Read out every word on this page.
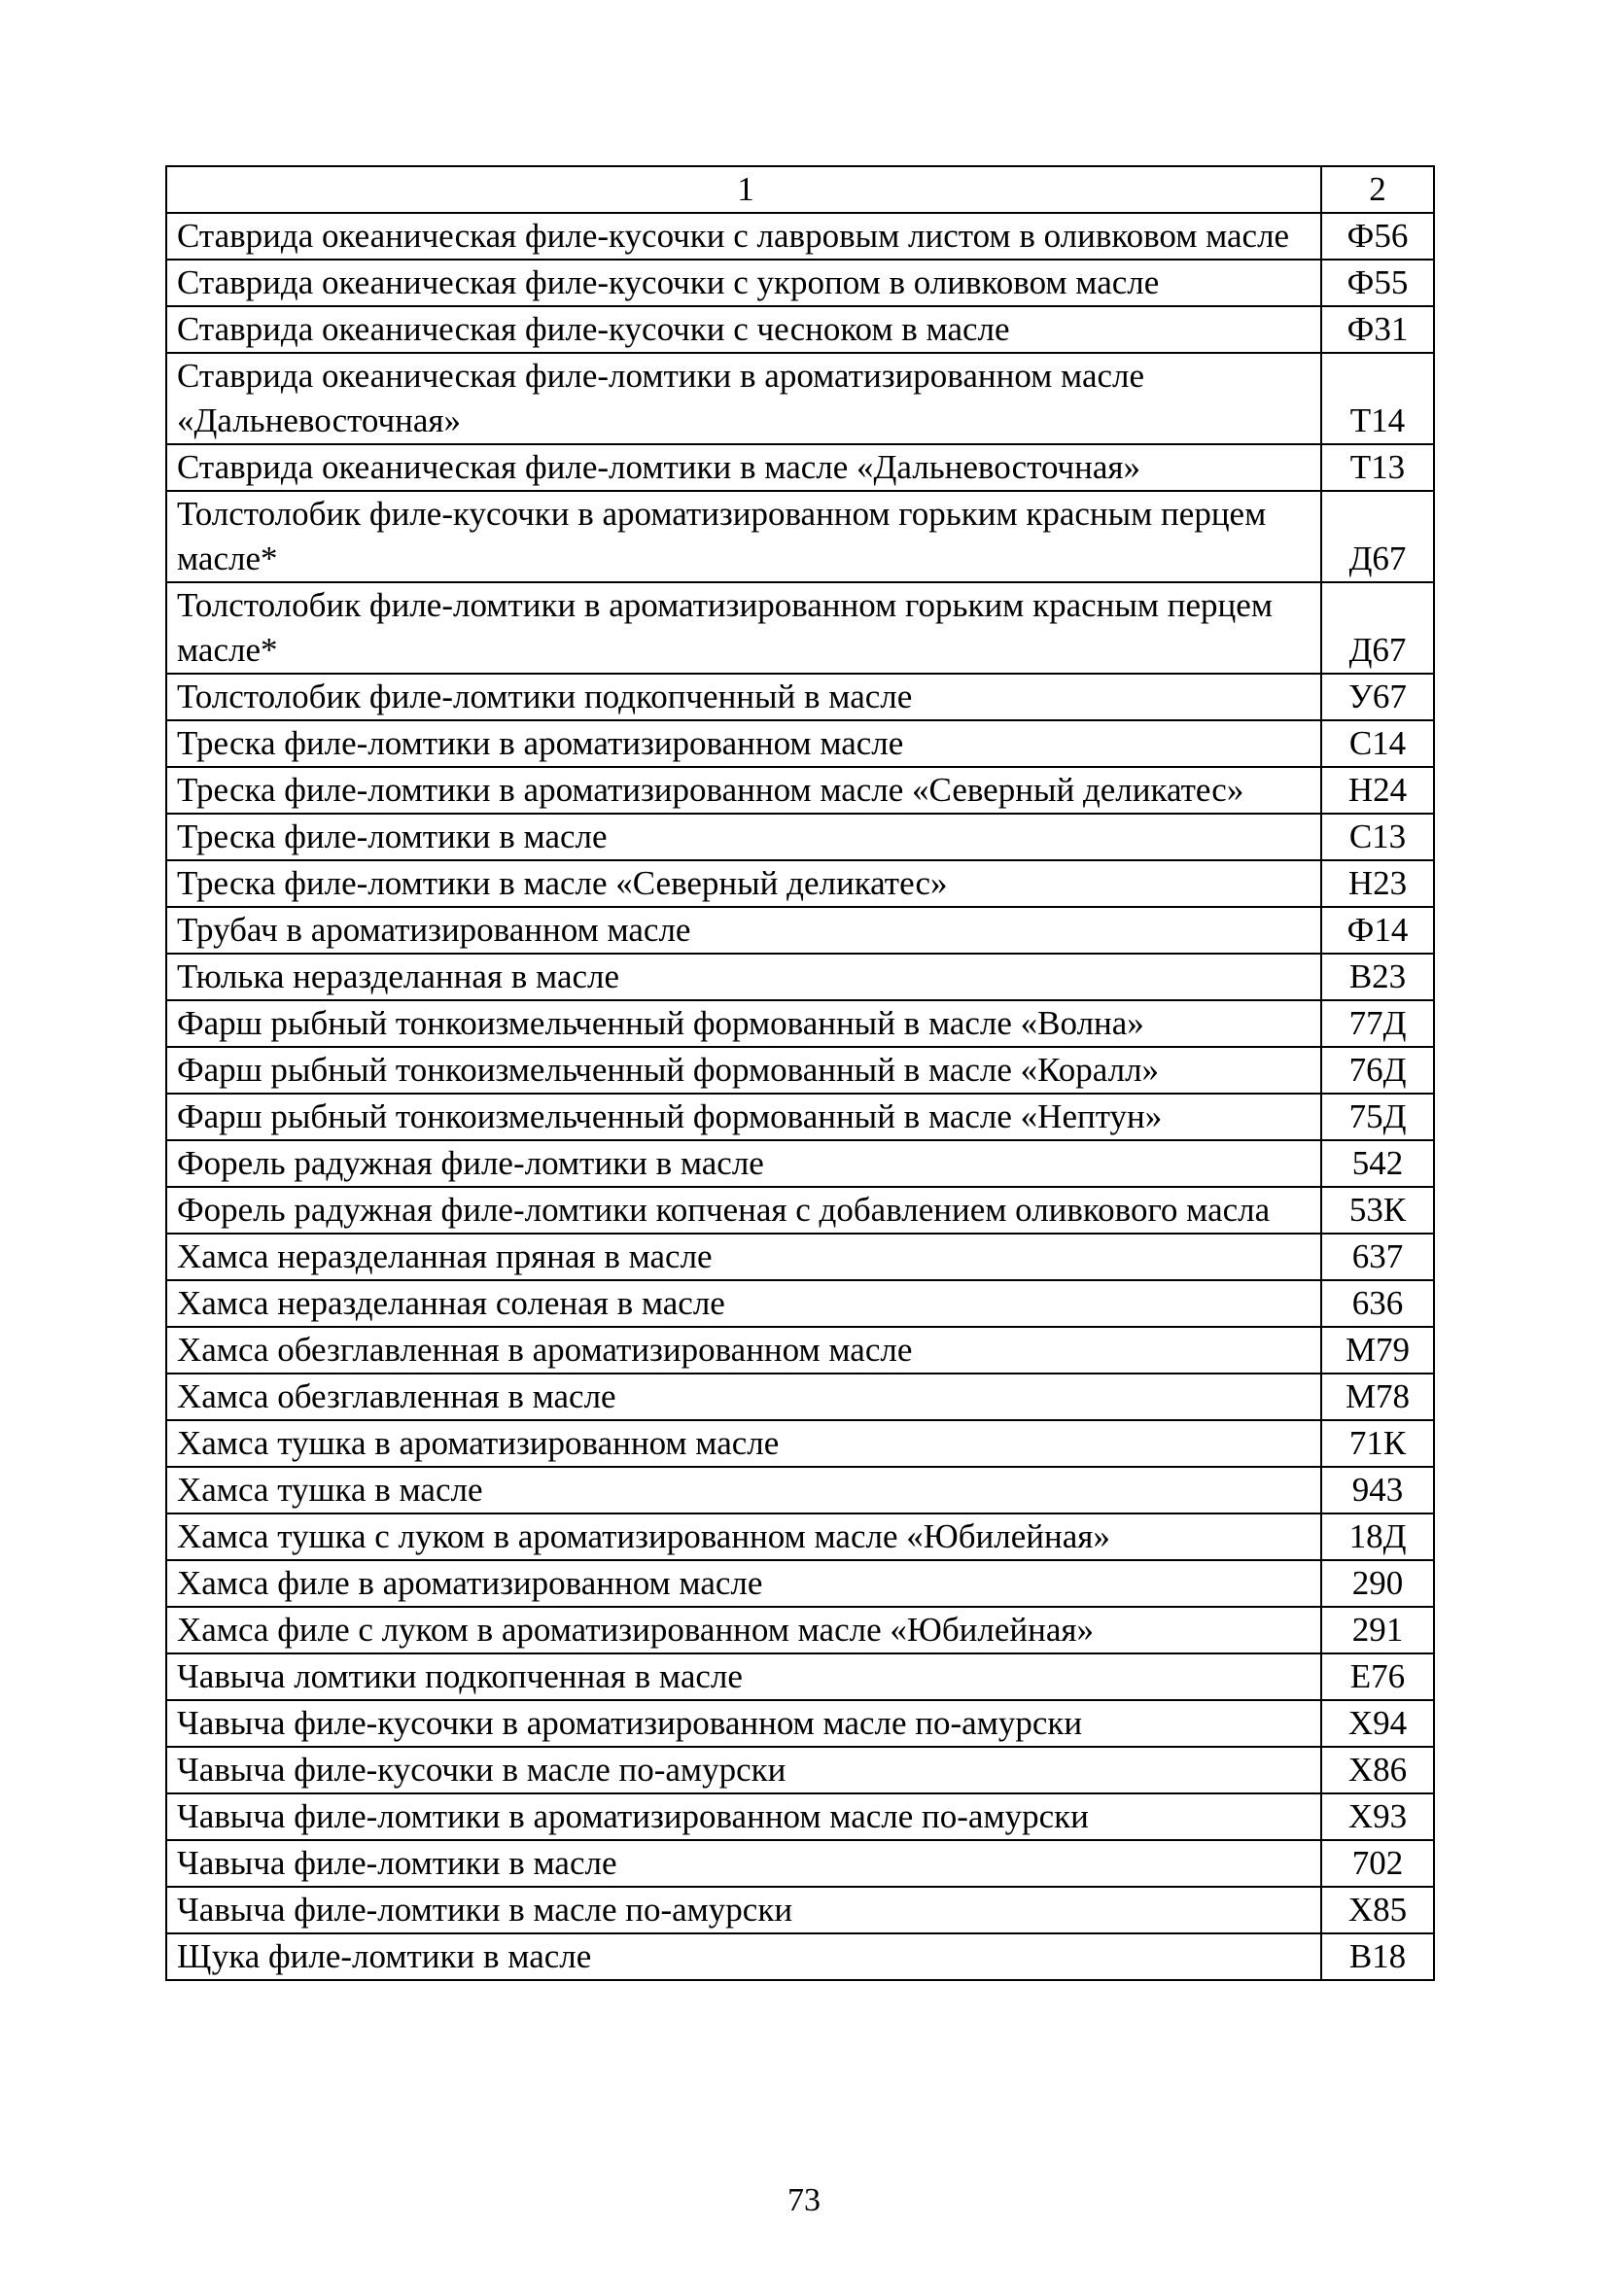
1	2

Ставрида океаническая филе-кусочки с лавровым листом в оливковом масле	Ф56

Ставрида океаническая филе-кусочки с укропом в оливковом масле	Ф55

Ставрида океаническая филе-кусочки с чесноком в масле	Ф31

Ставрида океаническая филе-ломтики в ароматизированном масле «Дальневосточная»	Т14

Ставрида океаническая филе-ломтики в масле «Дальневосточная»	Т13

Толстолобик филе-кусочки в ароматизированном горьким красным перцем масле*	Д67

Толстолобик филе-ломтики в ароматизированном горьким красным перцем масле*	Д67

Толстолобик филе-ломтики подкопченный в масле	У67

Треска филе-ломтики в ароматизированном масле	С14

Треска филе-ломтики в ароматизированном масле «Северный деликатес»	Н24

Треска филе-ломтики в масле	С13

Треска филе-ломтики в масле «Северный деликатес»	Н23

Трубач в ароматизированном масле	Ф14

Тюлька неразделанная в масле	В23

Фарш рыбный тонкоизмельченный формованный в масле «Волна»	77Д

Фарш рыбный тонкоизмельченный формованный в масле «Коралл»	76Д

Фарш рыбный тонкоизмельченный формованный в масле «Нептун»	75Д

Форель радужная филе-ломтики в масле	542

Форель радужная филе-ломтики копченая с добавлением оливкового масла	53К

Хамса неразделанная пряная в масле	637

Хамса неразделанная соленая в масле	636

Хамса обезглавленная в ароматизированном масле	М79

Хамса обезглавленная в масле	М78

Хамса тушка в ароматизированном масле	71К

Хамса тушка в масле	943

Хамса тушка с луком в ароматизированном масле «Юбилейная»	18Д

Хамса филе в ароматизированном масле	290

Хамса филе с луком в ароматизированном масле «Юбилейная»	291

Чавыча ломтики подкопченная в масле	Е76

Чавыча филе-кусочки в ароматизированном масле по-амурски	Х94

Чавыча филе-кусочки в масле по-амурски	Х86

Чавыча филе-ломтики в ароматизированном масле по-амурски	Х93

Чавыча филе-ломтики в масле	702

Чавыча филе-ломтики в масле по-амурски	Х85

Щука филе-ломтики в масле	В18
73
